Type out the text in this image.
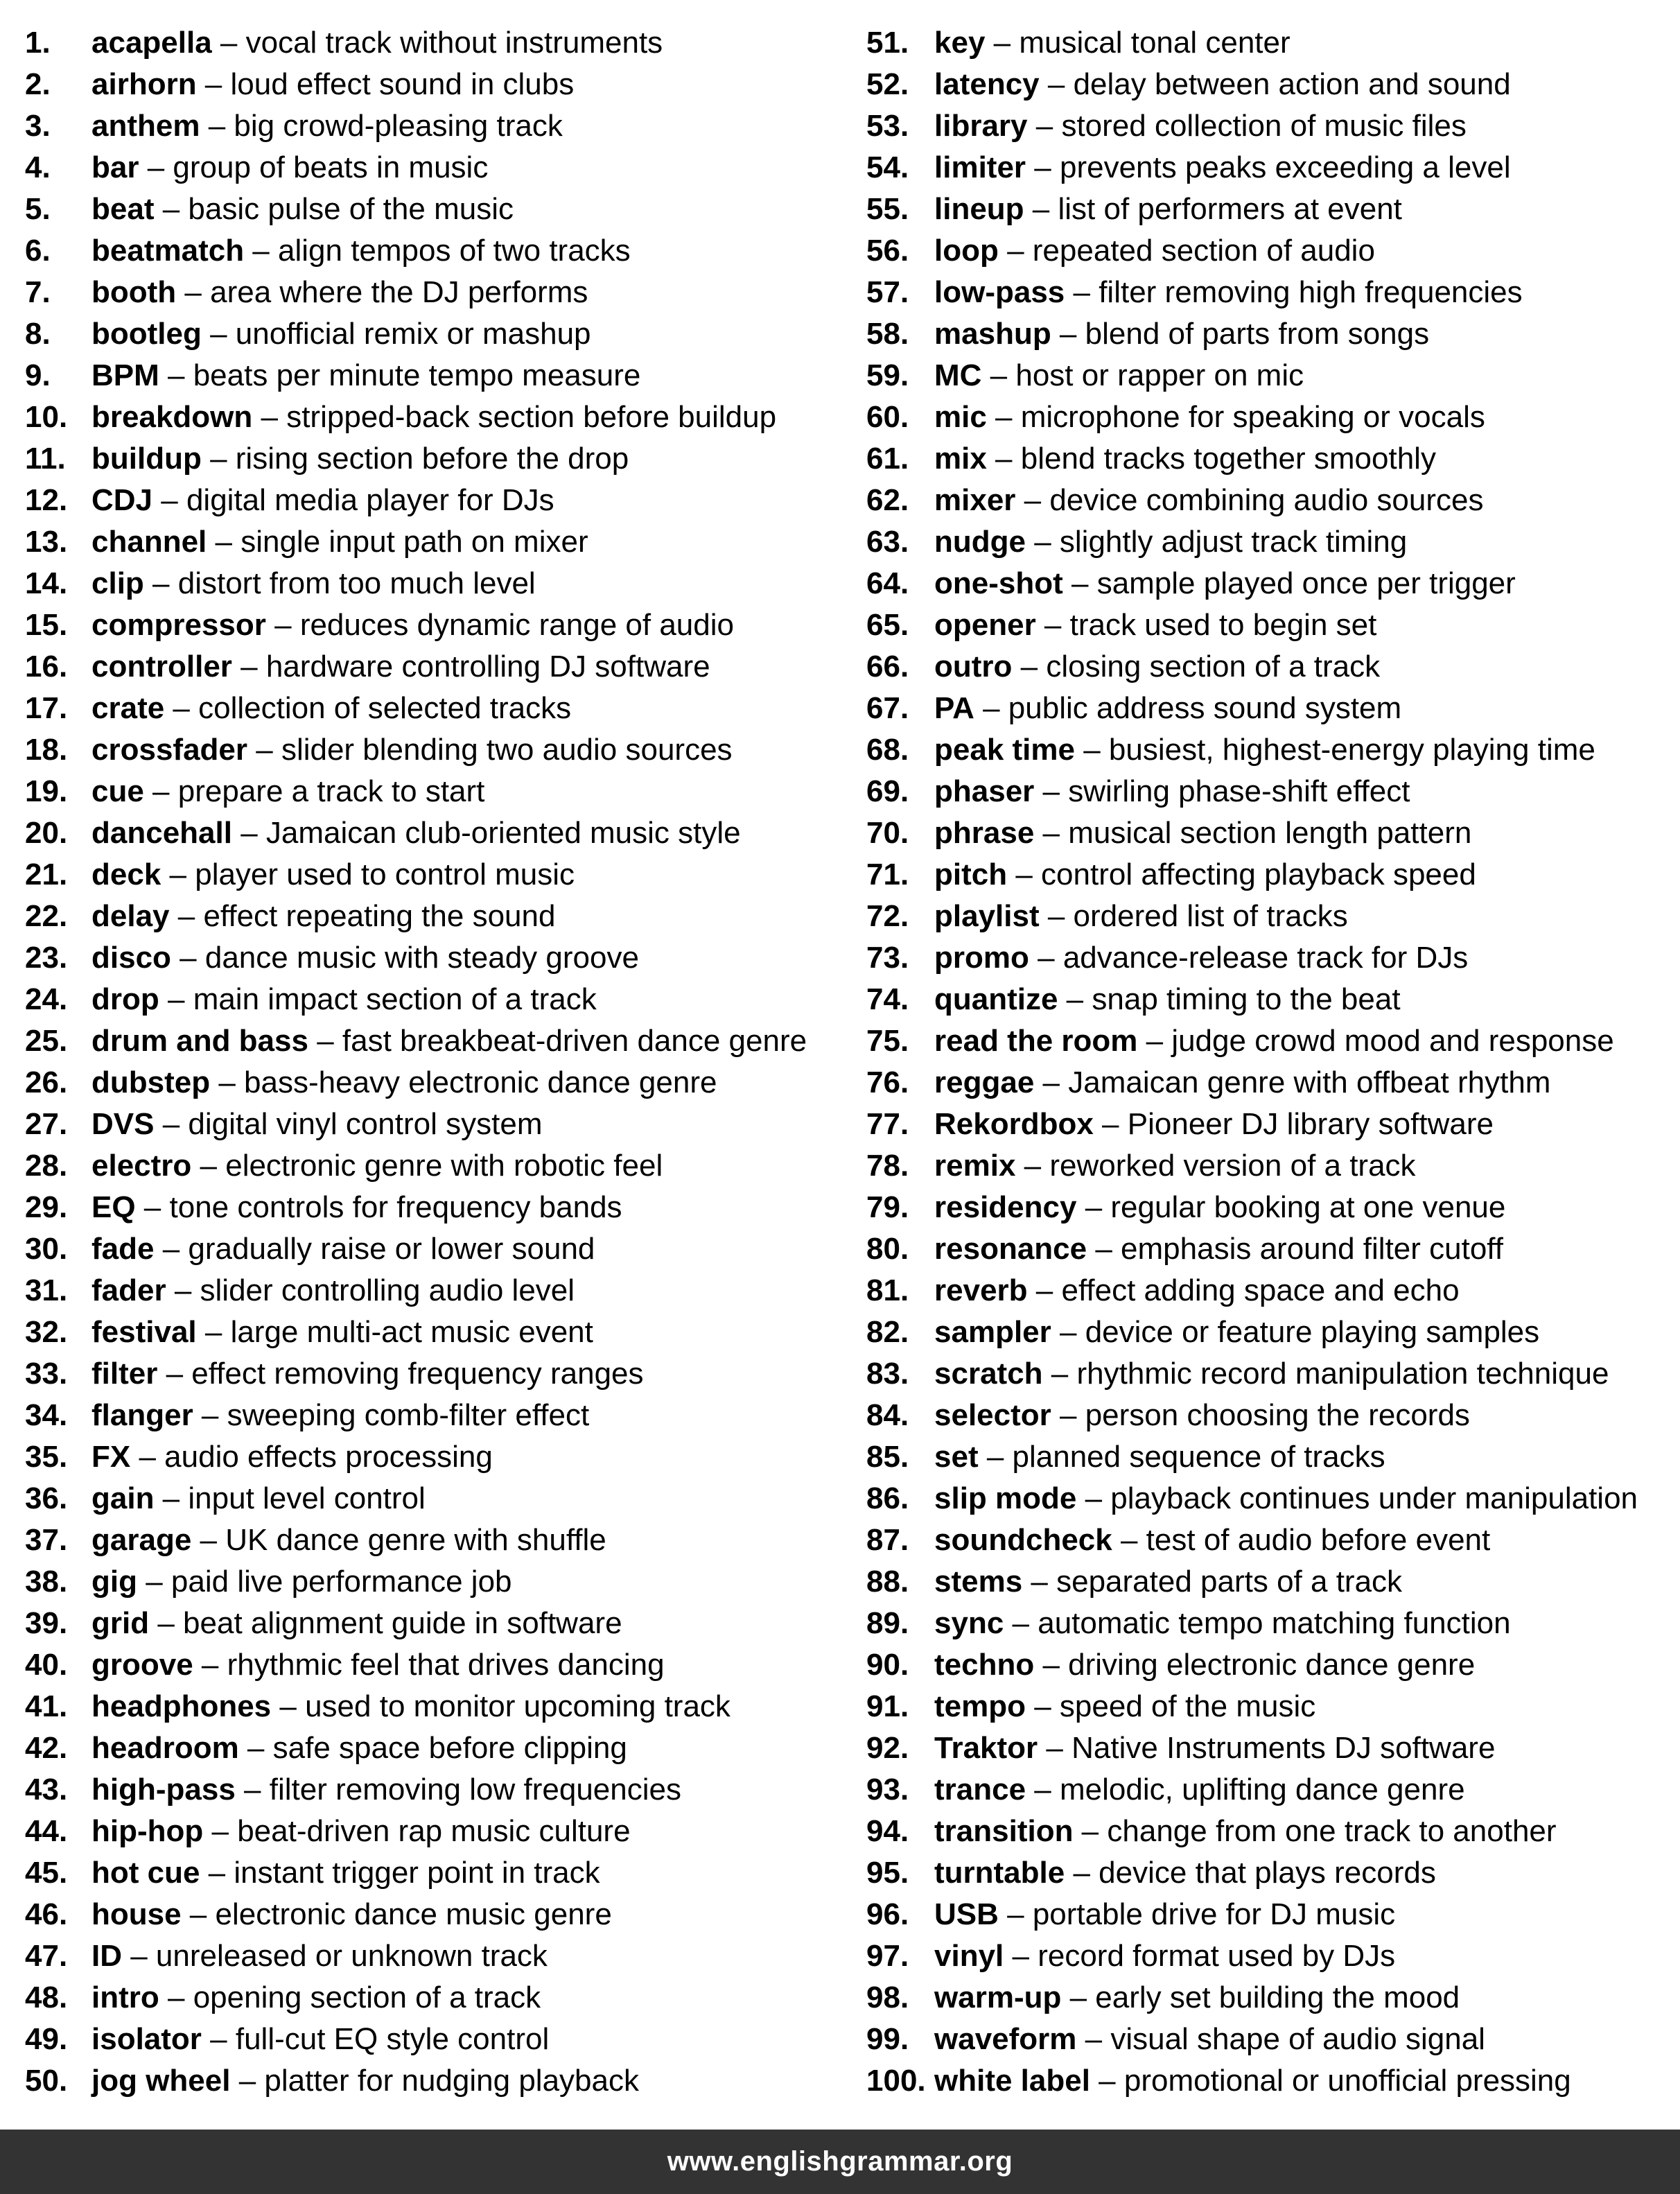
1.	acapella – vocal track without instruments
2.	airhorn – loud effect sound in clubs
3.	anthem – big crowd-pleasing track
4.	bar – group of beats in music
5.	beat – basic pulse of the music
6.	beatmatch – align tempos of two tracks
7.	booth – area where the DJ performs
8.	bootleg – unofficial remix or mashup
9.	BPM – beats per minute tempo measure
10. breakdown – stripped-back section before buildup
11. buildup – rising section before the drop
12. CDJ – digital media player for DJs
13. channel – single input path on mixer
14. clip – distort from too much level
15. compressor – reduces dynamic range of audio
16. controller – hardware controlling DJ software
17. crate – collection of selected tracks
18. crossfader – slider blending two audio sources
19. cue – prepare a track to start
20. dancehall – Jamaican club-oriented music style
21. deck – player used to control music
22. delay – effect repeating the sound
23. disco – dance music with steady groove
24. drop – main impact section of a track
25. drum and bass – fast breakbeat-driven dance genre
26. dubstep – bass-heavy electronic dance genre
27. DVS – digital vinyl control system
28. electro – electronic genre with robotic feel
29. EQ – tone controls for frequency bands
30. fade – gradually raise or lower sound
31. fader – slider controlling audio level
32. festival – large multi-act music event
33. filter – effect removing frequency ranges
34. flanger – sweeping comb-filter effect
35. FX – audio effects processing
36. gain – input level control
37. garage – UK dance genre with shuffle
38. gig – paid live performance job
39. grid – beat alignment guide in software
40. groove – rhythmic feel that drives dancing
41. headphones – used to monitor upcoming track
42. headroom – safe space before clipping
43. high-pass – filter removing low frequencies
44. hip-hop – beat-driven rap music culture
45. hot cue – instant trigger point in track
46. house – electronic dance music genre
47. ID – unreleased or unknown track
48. intro – opening section of a track
49. isolator – full-cut EQ style control
50. jog wheel – platter for nudging playback
51. key – musical tonal center
52. latency – delay between action and sound
53. library – stored collection of music files
54. limiter – prevents peaks exceeding a level
55. lineup – list of performers at event
56. loop – repeated section of audio
57. low-pass – filter removing high frequencies
58. mashup – blend of parts from songs
59. MC – host or rapper on mic
60. mic – microphone for speaking or vocals
61. mix – blend tracks together smoothly
62. mixer – device combining audio sources
63. nudge – slightly adjust track timing
64. one-shot – sample played once per trigger
65. opener – track used to begin set
66. outro – closing section of a track
67. PA – public address sound system
68. peak time – busiest, highest-energy playing time
69. phaser – swirling phase-shift effect
70. phrase – musical section length pattern
71. pitch – control affecting playback speed
72. playlist – ordered list of tracks
73. promo – advance-release track for DJs
74. quantize – snap timing to the beat
75. read the room – judge crowd mood and response
76. reggae – Jamaican genre with offbeat rhythm
77. Rekordbox – Pioneer DJ library software
78. remix – reworked version of a track
79. residency – regular booking at one venue
80. resonance – emphasis around filter cutoff
81. reverb – effect adding space and echo
82. sampler – device or feature playing samples
83. scratch – rhythmic record manipulation technique
84. selector – person choosing the records
85. set – planned sequence of tracks
86. slip mode – playback continues under manipulation
87. soundcheck – test of audio before event
88. stems – separated parts of a track
89. sync – automatic tempo matching function
90. techno – driving electronic dance genre
91. tempo – speed of the music
92. Traktor – Native Instruments DJ software
93. trance – melodic, uplifting dance genre
94. transition – change from one track to another
95. turntable – device that plays records
96. USB – portable drive for DJ music
97. vinyl – record format used by DJs
98. warm-up – early set building the mood
99. waveform – visual shape of audio signal
100. white label – promotional or unofficial pressing
www.englishgrammar.org
